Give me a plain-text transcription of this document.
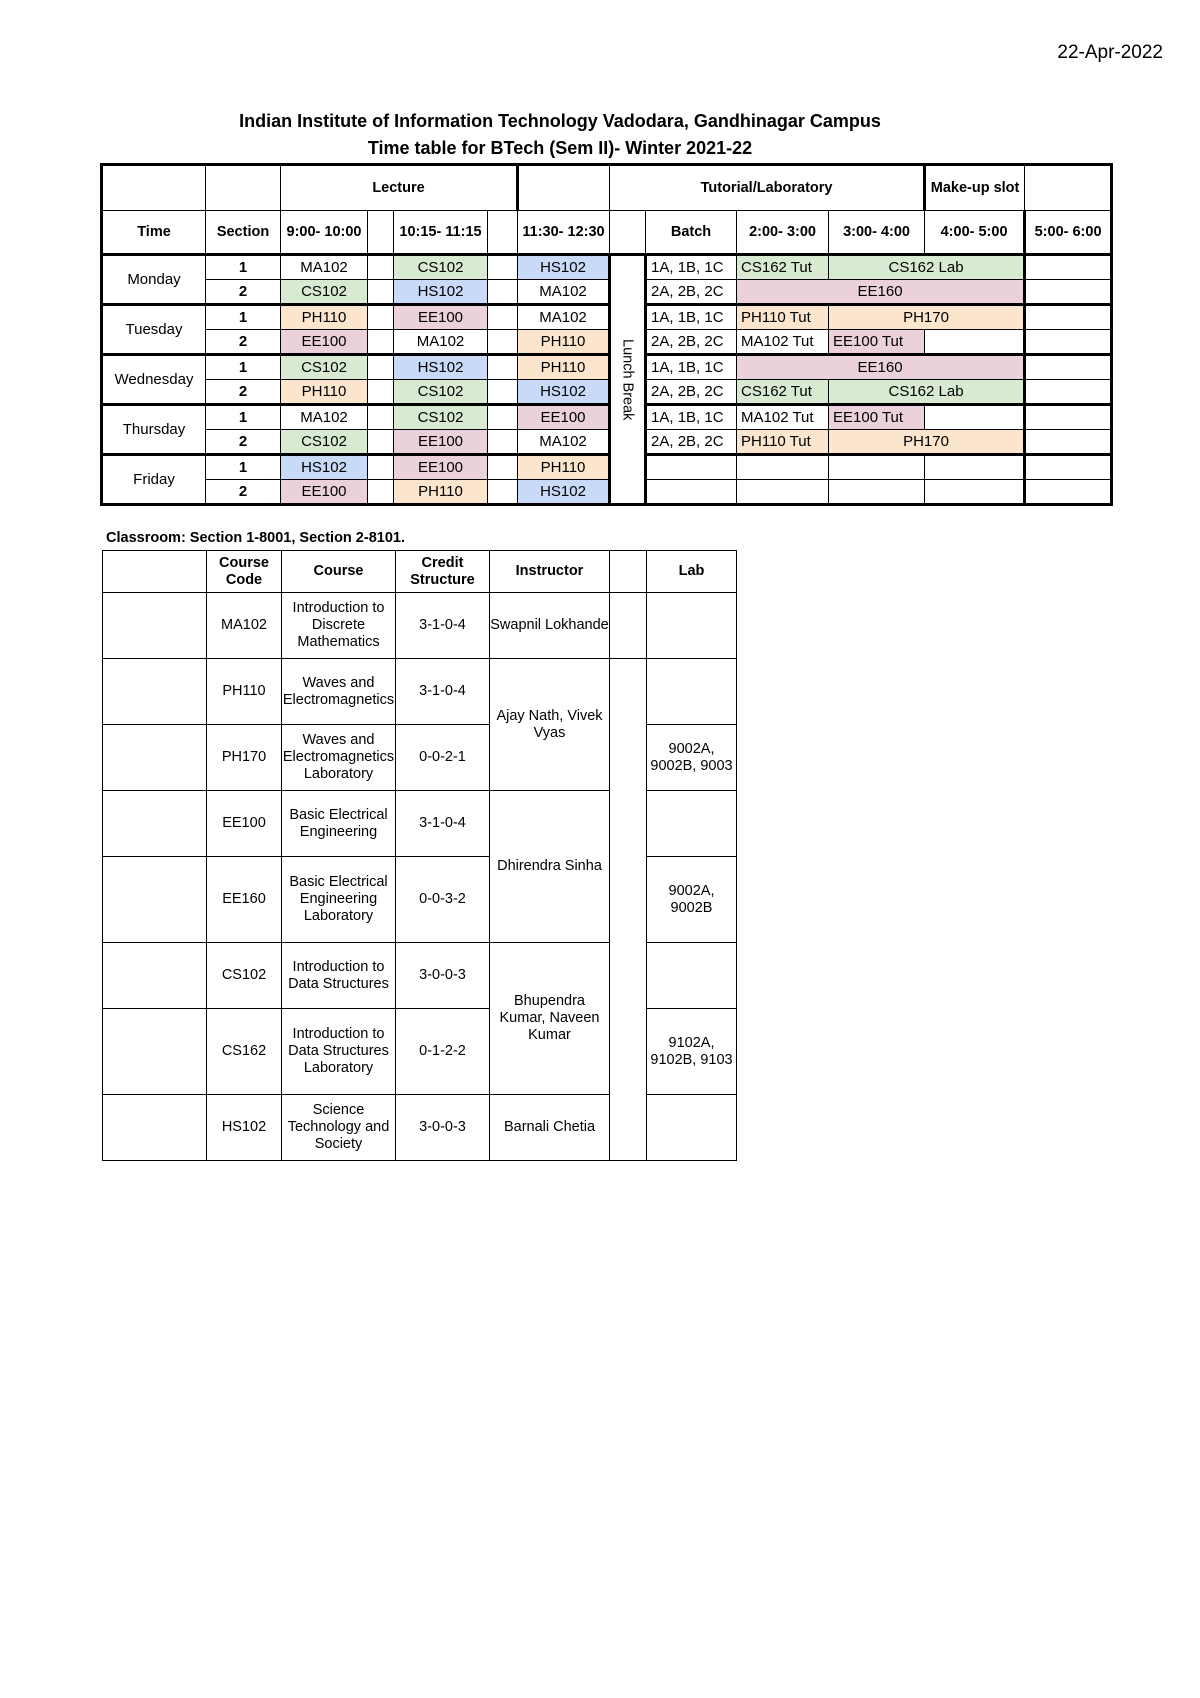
22-Apr-2022
Indian Institute of Information Technology Vadodara, Gandhinagar Campus
Time table for BTech (Sem II)- Winter 2021-22
		Lecture					Tutorial/Laboratory				Make-up slot	
Time	Section	9:00- 10:00		10:15- 11:15		11:30- 12:30		Batch	2:00- 3:00	3:00- 4:00	4:00- 5:00	5:00- 6:00
Monday	1	MA102		CS102		HS102	Lunch Break	1A, 1B, 1C	CS162 Tut	CS162 Lab		
	2	CS102		HS102		MA102		2A, 2B, 2C	EE160			
Tuesday	1	PH110		EE100		MA102		1A, 1B, 1C	PH110 Tut	PH170		
	2	EE100		MA102		PH110		2A, 2B, 2C	MA102 Tut	EE100 Tut		
Wednesday	1	CS102		HS102		PH110		1A, 1B, 1C	EE160			
	2	PH110		CS102		HS102		2A, 2B, 2C	CS162 Tut	CS162 Lab		
Thursday	1	MA102		CS102		EE100		1A, 1B, 1C	MA102 Tut	EE100 Tut		
	2	CS102		EE100		MA102		2A, 2B, 2C	PH110 Tut	PH170		
Friday	1	HS102		EE100		PH110						
	2	EE100		PH110		HS102						
Classroom: Section 1-8001, Section 2-8101.
	Course Code	Course	Credit Structure	Instructor		Lab
	MA102	Introduction to Discrete Mathematics	3-1-0-4	Swapnil Lokhande		
	PH110	Waves and Electromagnetics	3-1-0-4	Ajay Nath, Vivek Vyas		
	PH170	Waves and Electromagnetics Laboratory	0-0-2-1			9002A, 9002B, 9003
	EE100	Basic Electrical Engineering	3-1-0-4	Dhirendra Sinha		
	EE160	Basic Electrical Engineering Laboratory	0-0-3-2			9002A, 9002B
	CS102	Introduction to Data Structures	3-0-0-3	Bhupendra Kumar, Naveen Kumar		
	CS162	Introduction to Data Structures Laboratory	0-1-2-2			9102A, 9102B, 9103
	HS102	Science Technology and Society	3-0-0-3	Barnali Chetia		
